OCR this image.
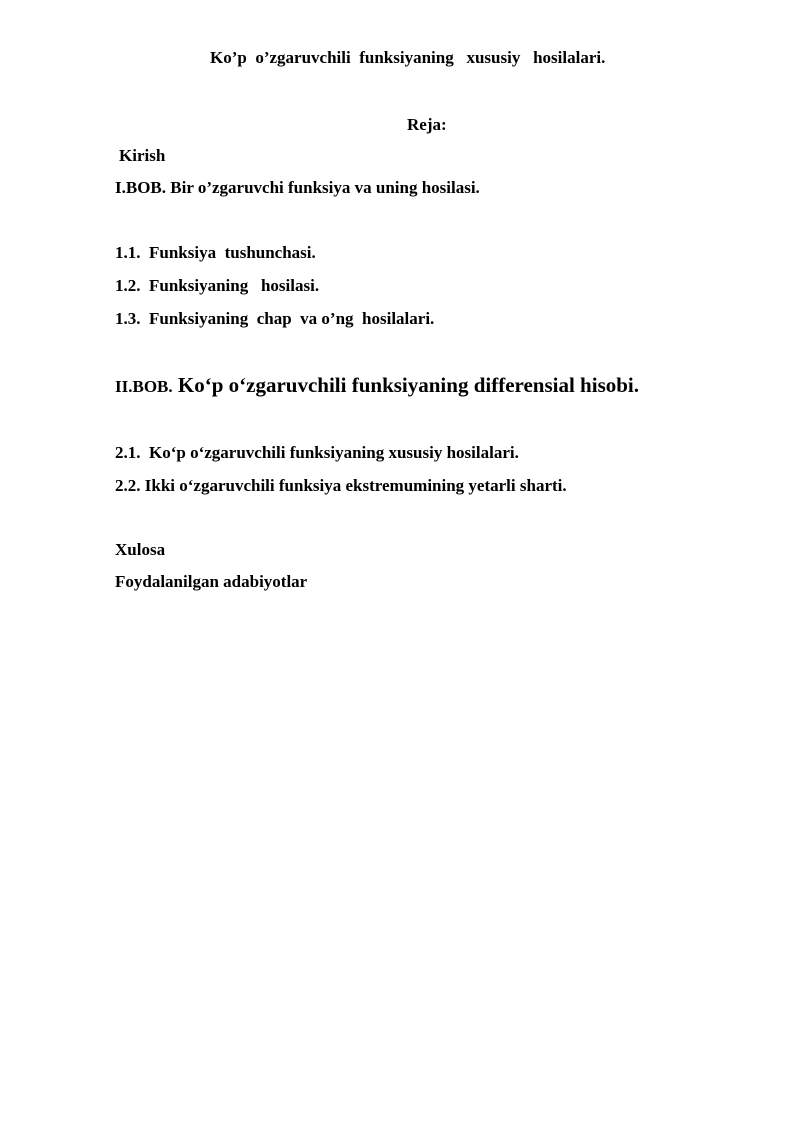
Ko’p  o’zgaruvchili  funksiyaning   xususiy   hosilalari.
Reja:
Kirish
I.BOB. Bir o’zgaruvchi funksiya va uning hosilasi.
1.1.  Funksiya  tushunchasi.
1.2.  Funksiyaning   hosilasi.
1.3.  Funksiyaning  chap  va o’ng  hosilalari.
II.BOB. Koʻp oʻzgaruvchili funksiyaning differensial hisobi.
2.1.  Koʻp oʻzgaruvchili funksiyaning xususiy hosilalari.
2.2. Ikki oʻzgaruvchili funksiya ekstremumining yetarli sharti.
Xulosa
Foydalanilgan adabiyotlar
